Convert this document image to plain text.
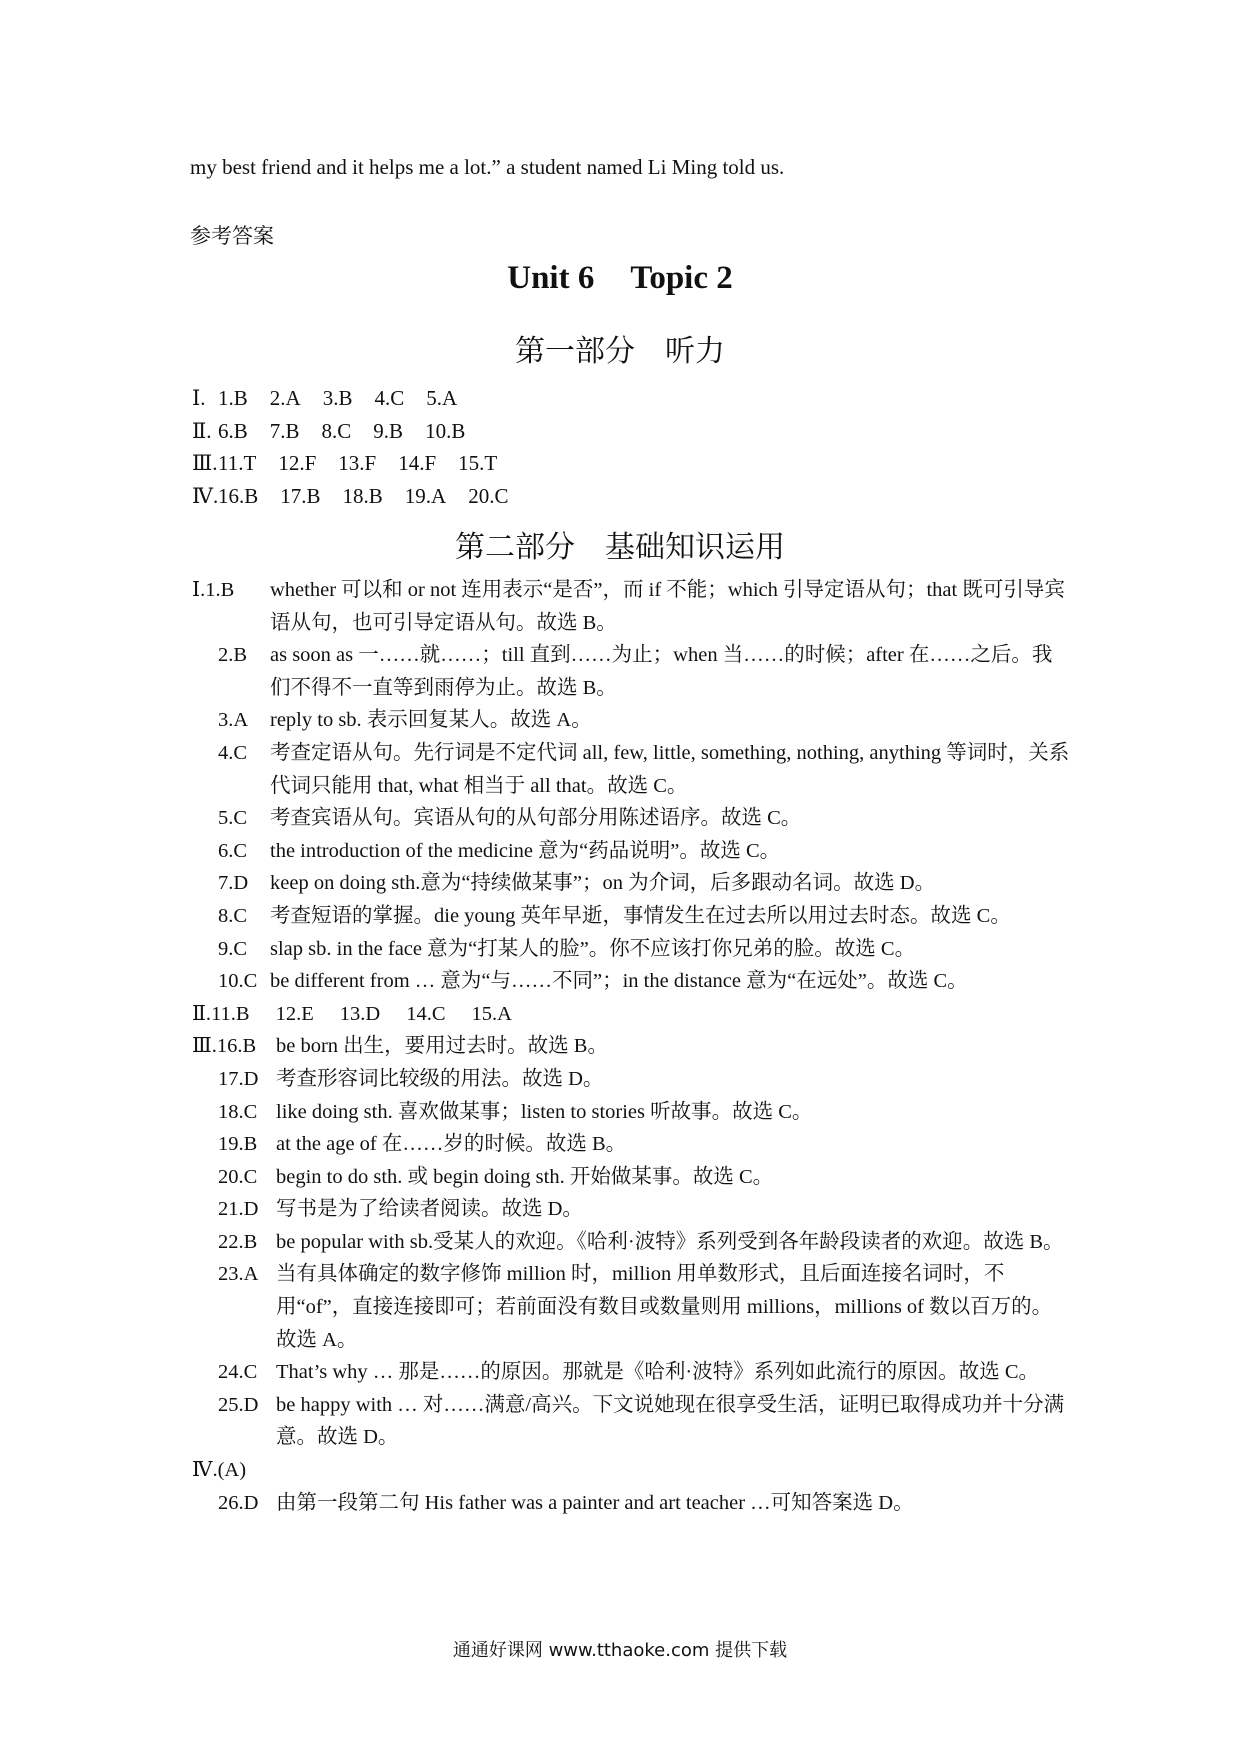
my best friend and it helps me a lot.” a student named Li Ming told us.
参考答案
Unit 6 Topic 2
第一部分 听力
Ⅰ. 1.B 2.A 3.B 4.C 5.A
Ⅱ. 6.B 7.B 8.C 9.B 10.B
Ⅲ.11.T 12.F 13.F 14.F 15.T
Ⅳ.16.B 17.B 18.B 19.A 20.C
第二部分 基础知识运用
Ⅰ.1.B	whether 可以和 or not 连用表示“是否”，而 if 不能；which 引导定语从句；that 既可引导宾语从句，也可引导定语从句。故选 B。
2.B	as soon as 一……就……；till 直到……为止；when 当……的时候；after 在……之后。我们不得不一直等到雨停为止。故选 B。
3.A	reply to sb. 表示回复某人。故选 A。
4.C	考查定语从句。先行词是不定代词 all, few, little, something, nothing, anything 等词时，关系代词只能用 that, what 相当于 all that。故选 C。
5.C	考查宾语从句。宾语从句的从句部分用陈述语序。故选 C。
6.C	the introduction of the medicine 意为“药品说明”。故选 C。
7.D	keep on doing sth.意为“持续做某事”；on 为介词，后多跟动名词。故选 D。
8.C	考查短语的掌握。die young 英年早逝，事情发生在过去所以用过去时态。故选 C。
9.C	slap sb. in the face 意为“打某人的脸”。你不应该打你兄弟的脸。故选 C。
10.C be different from … 意为“与……不同”；in the distance 意为“在远处”。故选 C。
Ⅱ.11.B 12.E 13.D 14.C 15.A
Ⅲ.16.B be born 出生，要用过去时。故选 B。
17.D 考查形容词比较级的用法。故选 D。
18.C like doing sth. 喜欢做某事；listen to stories 听故事。故选 C。
19.B at the age of 在……岁的时候。故选 B。
20.C begin to do sth. 或 begin doing sth. 开始做某事。故选 C。
21.D 写书是为了给读者阅读。故选 D。
22.B be popular with sb.受某人的欢迎。《哈利·波特》系列受到各年龄段读者的欢迎。故选 B。
23.A 当有具体确定的数字修饰 million 时，million 用单数形式，且后面连接名词时，不用“of”，直接连接即可；若前面没有数目或数量则用 millions，millions of 数以百万的。故选 A。
24.C That’s why … 那是……的原因。那就是《哈利·波特》系列如此流行的原因。故选 C。
25.D be happy with … 对……满意/高兴。下文说她现在很享受生活，证明已取得成功并十分满意。故选 D。
Ⅳ.(A)
26.D 由第一段第二句 His father was a painter and art teacher …可知答案选 D。
通通好课网 www.tthaoke.com 提供下载
